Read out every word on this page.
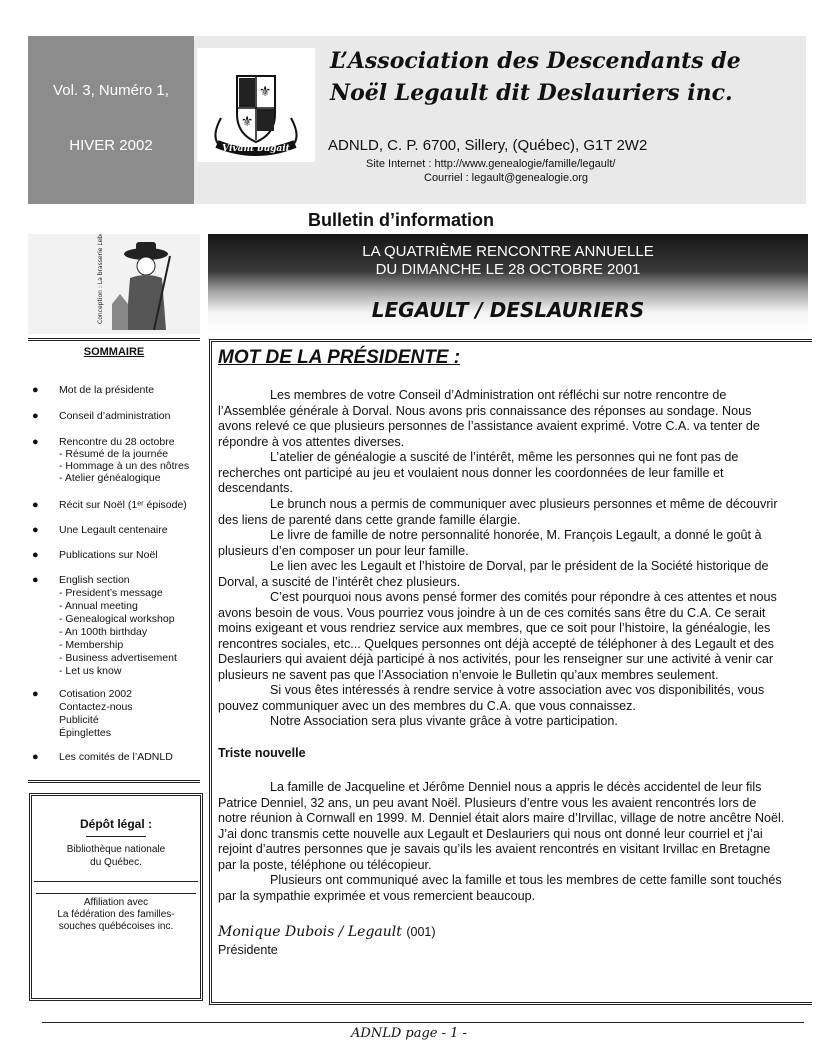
Vol. 3, Numéro 1,
HIVER 2002
⚜
⚜
Vivant bugait
L’Association des Descendants de
Noël Legault dit Deslauriers inc.
ADNLD, C. P. 6700, Sillery, (Québec), G1T 2W2
Site Internet : http://www.genealogie/famille/legault/
Courriel : legault@genealogie.org
Bulletin d’information
Conception : La brasserie Lebel ltée
SOMMAIRE
● Mot de la présidente
● Conseil d’administration
● Rencontre du 28 octobre
- Résumé de la journée
- Hommage à un des nôtres
- Atelier généalogique
● Récit sur Noël (1ᵉʳ épisode)
● Une Legault centenaire
● Publications sur Noël
● English section
- President’s message
- Annual meeting
- Genealogical workshop
- An 100th birthday
- Membership
- Business advertisement
- Let us know
● Cotisation 2002
Contactez-nous
Publicité
Épinglettes
● Les comités de l’ADNLD
Dépôt légal :
Bibliothèque nationale
du Québec.
Affiliation avec
La fédération des familles-
souches québécoises inc.
LA QUATRIÈME RENCONTRE ANNUELLE
DU DIMANCHE LE 28 OCTOBRE 2001
LEGAULT / DESLAURIERS
MOT DE LA PRÉSIDENTE :
Les membres de votre Conseil d’Administration ont réfléchi sur notre rencontre de
l’Assemblée générale à Dorval. Nous avons pris connaissance des réponses au sondage. Nous
avons relevé ce que plusieurs personnes de l’assistance avaient exprimé. Votre C.A. va tenter de
répondre à vos attentes diverses.
L’atelier de généalogie a suscité de l’intérêt, même les personnes qui ne font pas de
recherches ont participé au jeu et voulaient nous donner les coordonnées de leur famille et
descendants.
Le brunch nous a permis de communiquer avec plusieurs personnes et même de découvrir
des liens de parenté dans cette grande famille élargie.
Le livre de famille de notre personnalité honorée, M. François Legault, a donné le goût à
plusieurs d’en composer un pour leur famille.
Le lien avec les Legault et l’histoire de Dorval, par le président de la Société historique de
Dorval, a suscité de l’intérêt chez plusieurs.
C’est pourquoi nous avons pensé former des comités pour répondre à ces attentes et nous
avons besoin de vous. Vous pourriez vous joindre à un de ces comités sans être du C.A. Ce serait
moins exigeant et vous rendriez service aux membres, que ce soit pour l’histoire, la généalogie, les
rencontres sociales, etc... Quelques personnes ont déjà accepté de téléphoner à des Legault et des
Deslauriers qui avaient déjà participé à nos activités, pour les renseigner sur une activité à venir car
plusieurs ne savent pas que l’Association n’envoie le Bulletin qu’aux membres seulement.
Si vous êtes intéressés à rendre service à votre association avec vos disponibilités, vous
pouvez communiquer avec un des membres du C.A. que vous connaissez.
Notre Association sera plus vivante grâce à votre participation.
Triste nouvelle
La famille de Jacqueline et Jérôme Denniel nous a appris le décès accidentel de leur fils
Patrice Denniel, 32 ans, un peu avant Noël. Plusieurs d’entre vous les avaient rencontrés lors de
notre réunion à Cornwall en 1999. M. Denniel était alors maire d’Irvillac, village de notre ancêtre Noël.
J’ai donc transmis cette nouvelle aux Legault et Deslauriers qui nous ont donné leur courriel et j’ai
rejoint d’autres personnes que je savais qu’ils les avaient rencontrés en visitant Irvillac en Bretagne
par la poste, téléphone ou télécopieur.
Plusieurs ont communiqué avec la famille et tous les membres de cette famille sont touchés
par la sympathie exprimée et vous remercient beaucoup.
Monique Dubois / Legault (001)
Présidente
ADNLD page - 1 -
